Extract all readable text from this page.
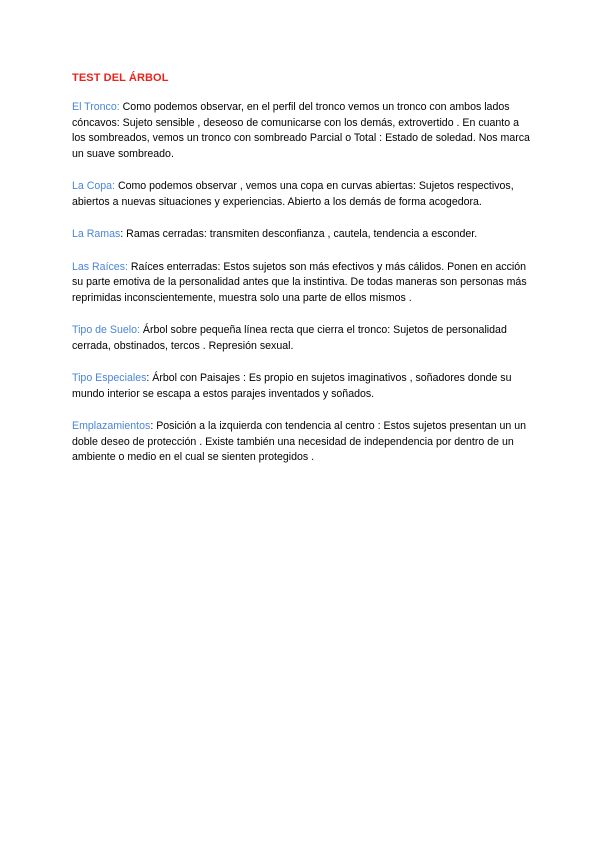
TEST DEL ÁRBOL

El Tronco: Como podemos observar, en el perfil del tronco vemos un tronco con ambos lados cóncavos: Sujeto sensible , deseoso de comunicarse con los demás, extrovertido . En cuanto a los sombreados, vemos un tronco con sombreado Parcial o Total : Estado de soledad. Nos marca un suave sombreado.

La Copa: Como podemos observar , vemos una copa en curvas abiertas: Sujetos respectivos, abiertos a nuevas situaciones y experiencias. Abierto a los demás de forma acogedora.

La Ramas: Ramas cerradas: transmiten desconfianza , cautela, tendencia a esconder.

Las Raíces: Raíces enterradas: Estos sujetos son más efectivos y más cálidos. Ponen en acción su parte emotiva de la personalidad antes que la instintiva. De todas maneras son personas más reprimidas inconscientemente, muestra solo una parte de ellos mismos .

Tipo de Suelo: Árbol sobre pequeña línea recta que cierra el tronco: Sujetos de personalidad cerrada, obstinados, tercos . Represión sexual.

Tipo Especiales: Árbol con Paisajes : Es propio en sujetos imaginativos , soñadores donde su mundo interior se escapa a estos parajes inventados y soñados.

Emplazamientos: Posición a la izquierda con tendencia al centro : Estos sujetos presentan un un doble deseo de protección . Existe también una necesidad de independencia por dentro de un ambiente o medio en el cual se sienten protegidos .
